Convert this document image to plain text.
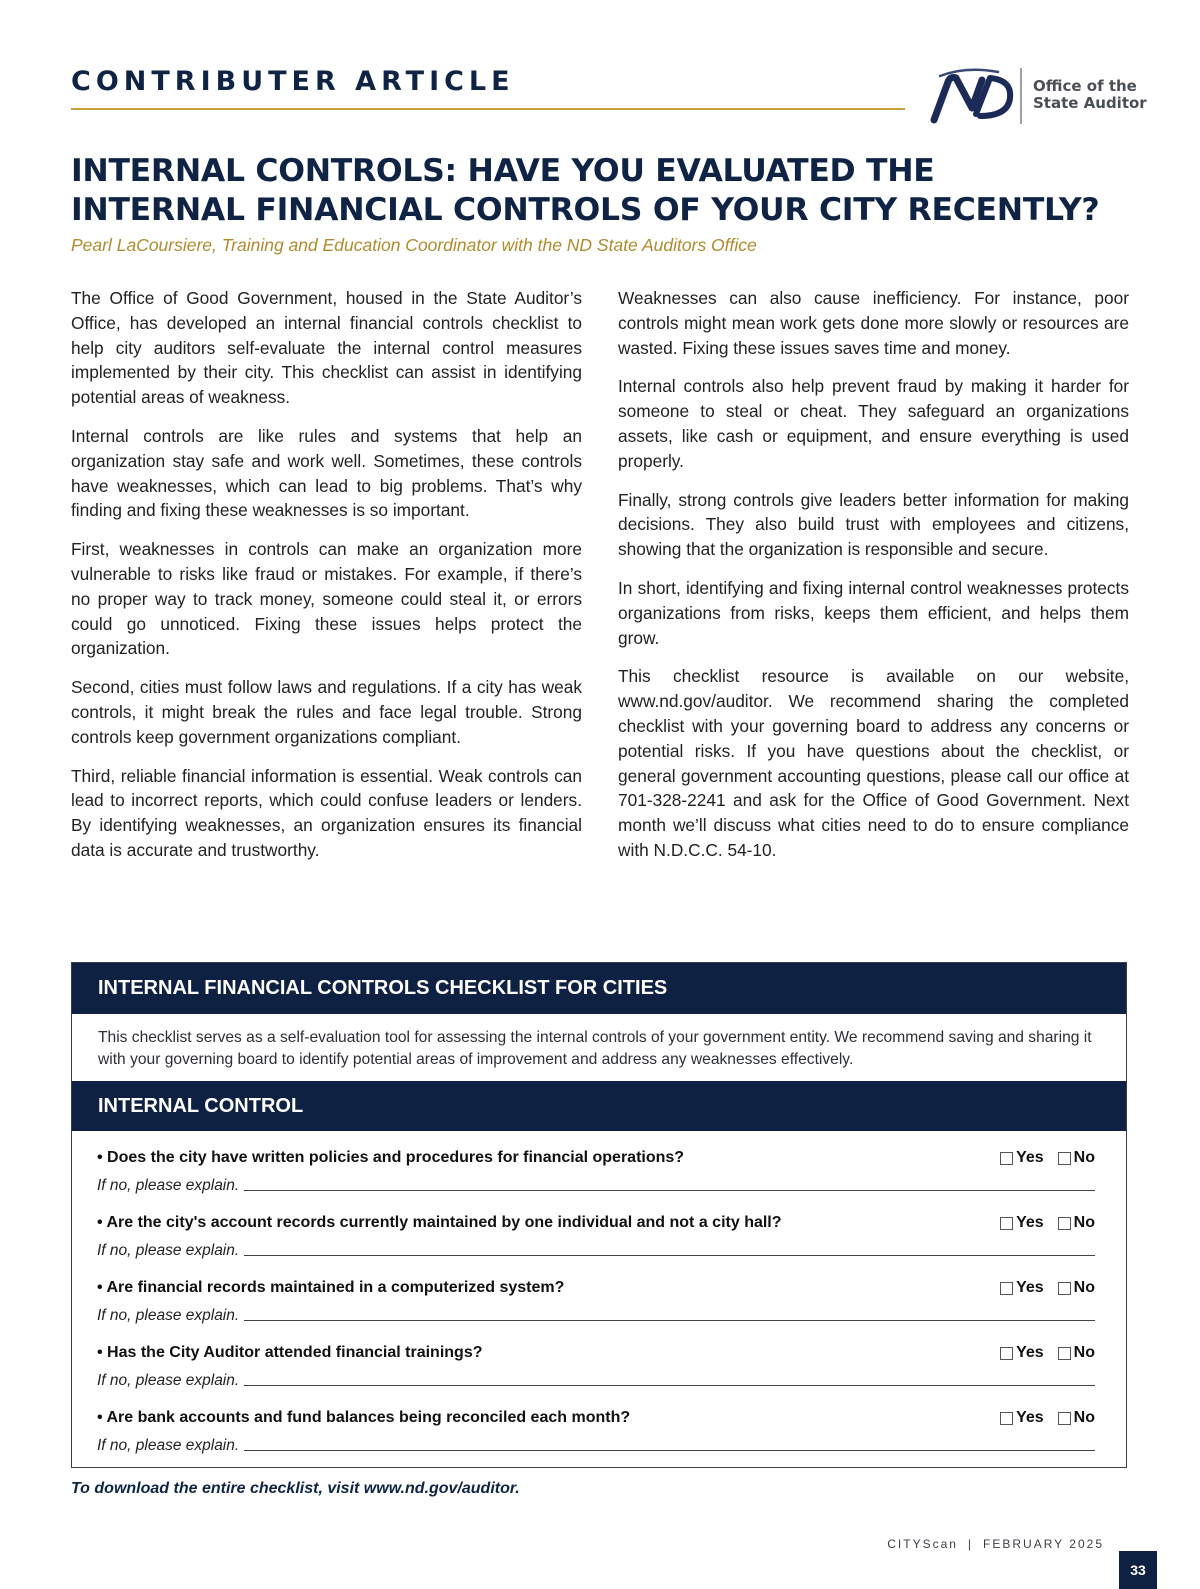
CONTRIBUTER ARTICLE	Office of the
State Auditor
INTERNAL CONTROLS: HAVE YOU EVALUATED THE
INTERNAL FINANCIAL CONTROLS OF YOUR CITY RECENTLY?
Pearl LaCoursiere, Training and Education Coordinator with the ND State Auditors Office

The Office of Good Government, housed in the State Auditor’s Office, has developed an internal financial controls checklist to help city auditors self-evaluate the internal control measures implemented by their city. This checklist can assist in identifying potential areas of weakness.

Internal controls are like rules and systems that help an organization stay safe and work well. Sometimes, these controls have weaknesses, which can lead to big problems. That’s why finding and fixing these weaknesses is so important.

First, weaknesses in controls can make an organization more vulnerable to risks like fraud or mistakes. For example, if there’s no proper way to track money, someone could steal it, or errors could go unnoticed. Fixing these issues helps protect the organization.

Second, cities must follow laws and regulations. If a city has weak controls, it might break the rules and face legal trouble. Strong controls keep government organizations compliant.

Third, reliable financial information is essential. Weak controls can lead to incorrect reports, which could confuse leaders or lenders. By identifying weaknesses, an organization ensures its financial data is accurate and trustworthy.

Weaknesses can also cause inefficiency. For instance, poor controls might mean work gets done more slowly or resources are wasted. Fixing these issues saves time and money.

Internal controls also help prevent fraud by making it harder for someone to steal or cheat. They safeguard an organizations assets, like cash or equipment, and ensure everything is used properly.

Finally, strong controls give leaders better information for making decisions. They also build trust with employees and citizens, showing that the organization is responsible and secure.

In short, identifying and fixing internal control weaknesses protects organizations from risks, keeps them efficient, and helps them grow.

This checklist resource is available on our website, www.nd.gov/auditor. We recommend sharing the completed checklist with your governing board to address any concerns or potential risks. If you have questions about the checklist, or general government accounting questions, please call our office at 701-328-2241 and ask for the Office of Good Government. Next month we’ll discuss what cities need to do to ensure compliance with N.D.C.C. 54-10.

INTERNAL FINANCIAL CONTROLS CHECKLIST FOR CITIES
This checklist serves as a self-evaluation tool for assessing the internal controls of your government entity. We recommend saving and sharing it with your governing board to identify potential areas of improvement and address any weaknesses effectively.
INTERNAL CONTROL
• Does the city have written policies and procedures for financial operations?	Yes No
If no, please explain.
• Are the city's account records currently maintained by one individual and not a city hall?	Yes No
If no, please explain.
• Are financial records maintained in a computerized system?	Yes No
If no, please explain.
• Has the City Auditor attended financial trainings?	Yes No
If no, please explain.
• Are bank accounts and fund balances being reconciled each month?	Yes No
If no, please explain.
To download the entire checklist, visit www.nd.gov/auditor.
CITYScan | FEBRUARY 2025
33
